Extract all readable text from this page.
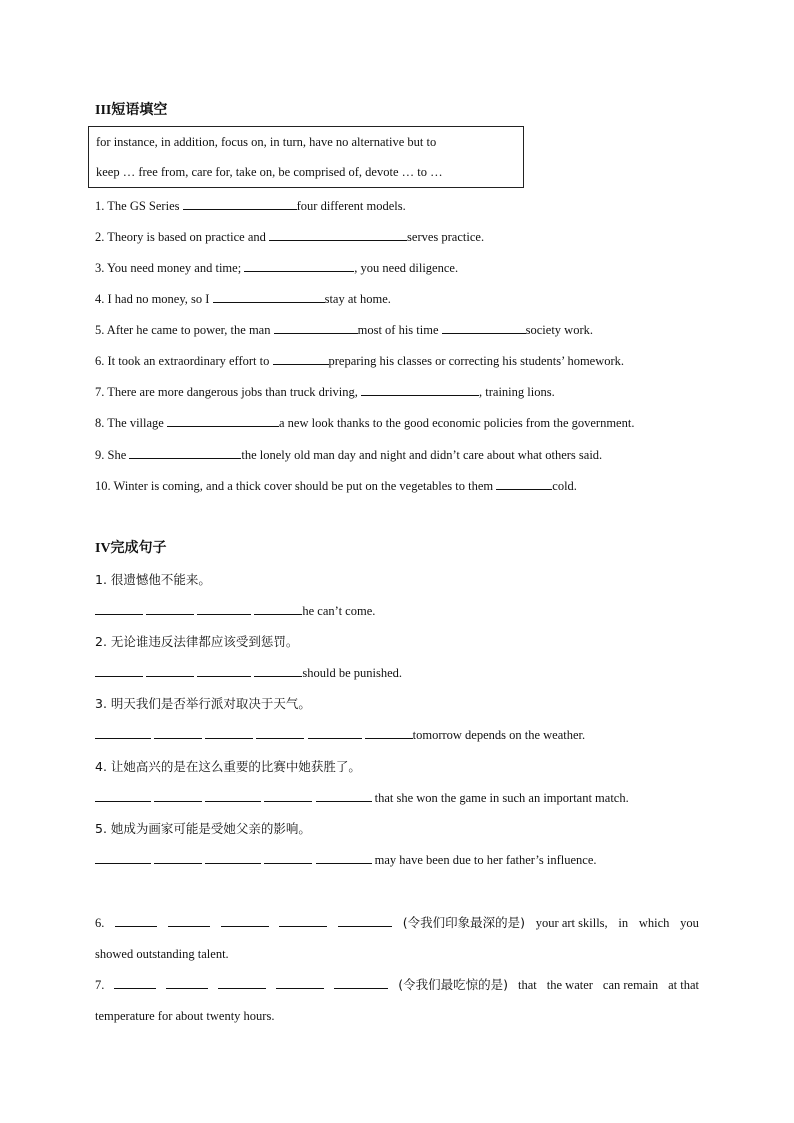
III短语填空
for instance, in addition, focus on, in turn, have no alternative but to
keep … free from, care for, take on, be comprised of, devote … to …
1. The GS Series	four different models.
2. Theory is based on practice and	serves practice.
3. You need money and time;	, you need diligence.
4. I had no money, so I	stay at home.
5. After he came to power, the man	most of his time	society work.
6. It took an extraordinary effort to	preparing his classes or correcting his students’ homework.
7. There are more dangerous jobs than truck driving,	, training lions.
8. The village	a new look thanks to the good economic policies from the government.
9. She	the lonely old man day and night and didn’t care about what others said.
10. Winter is coming, and a thick cover should be put on the vegetables to them	cold.
IV完成句子
1. 很遗憾他不能来。
he can’t come.
2. 无论谁违反法律都应该受到惩罚。
should be punished.
3. 明天我们是否举行派对取决于天气。
tomorrow depends on the weather.
4. 让她高兴的是在这么重要的比赛中她获胜了。
that she won the game in such an important match.
5. 她成为画家可能是受她父亲的影响。
may have been due to her father’s influence.
6.	(令我们印象最深的是) your art skills, in which you
showed outstanding talent.
7.	(令我们最吃惊的是) that the water can remain at that
temperature for about twenty hours.
